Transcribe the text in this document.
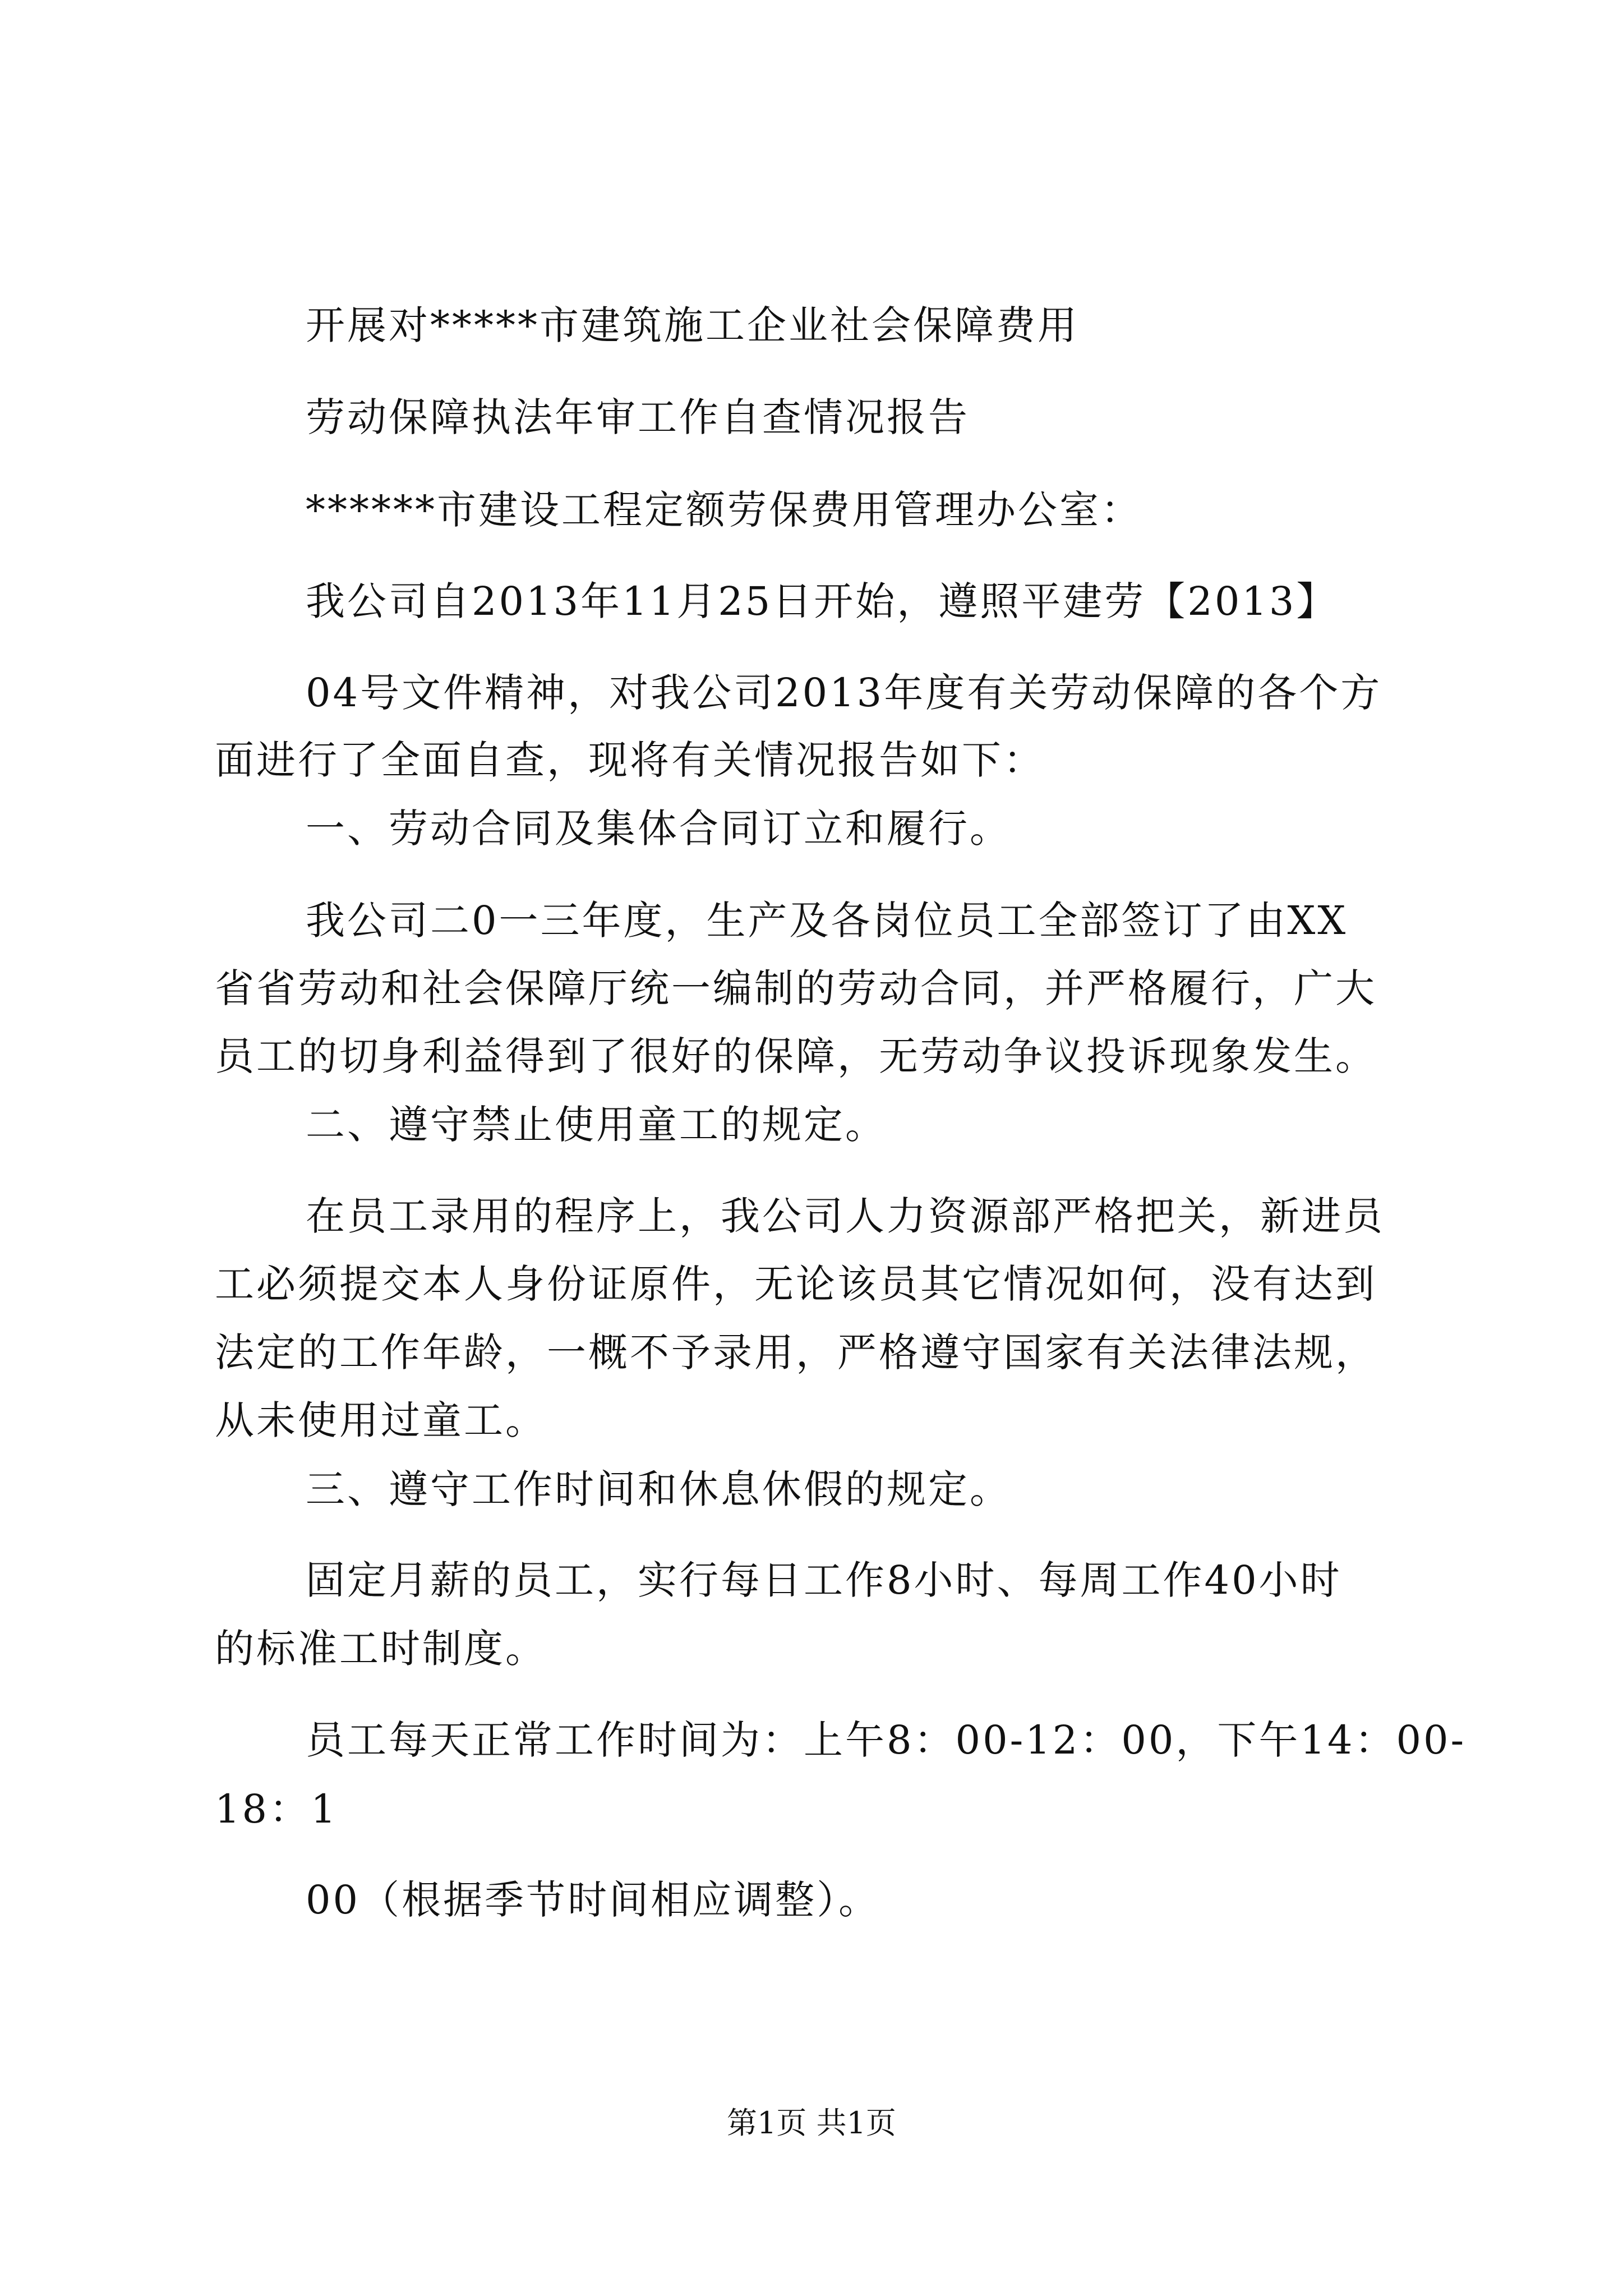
开展对*****市建筑施工企业社会保障费用
劳动保障执法年审工作自查情况报告
******市建设工程定额劳保费用管理办公室：
我公司自2013年11月25日开始，遵照平建劳【2013】
04号文件精神，对我公司2013年度有关劳动保障的各个方
面进行了全面自查，现将有关情况报告如下：
一、劳动合同及集体合同订立和履行。
我公司二0一三年度，生产及各岗位员工全部签订了由XX
省省劳动和社会保障厅统一编制的劳动合同，并严格履行，广大
员工的切身利益得到了很好的保障，无劳动争议投诉现象发生。
二、遵守禁止使用童工的规定。
在员工录用的程序上，我公司人力资源部严格把关，新进员
工必须提交本人身份证原件，无论该员其它情况如何，没有达到
法定的工作年龄，一概不予录用，严格遵守国家有关法律法规，
从未使用过童工。
三、遵守工作时间和休息休假的规定。
固定月薪的员工，实行每日工作8小时、每周工作40小时
的标准工时制度。
员工每天正常工作时间为：上午8：00-12：00，下午14：00-
18：1
00（根据季节时间相应调整）。
第1页 共1页
